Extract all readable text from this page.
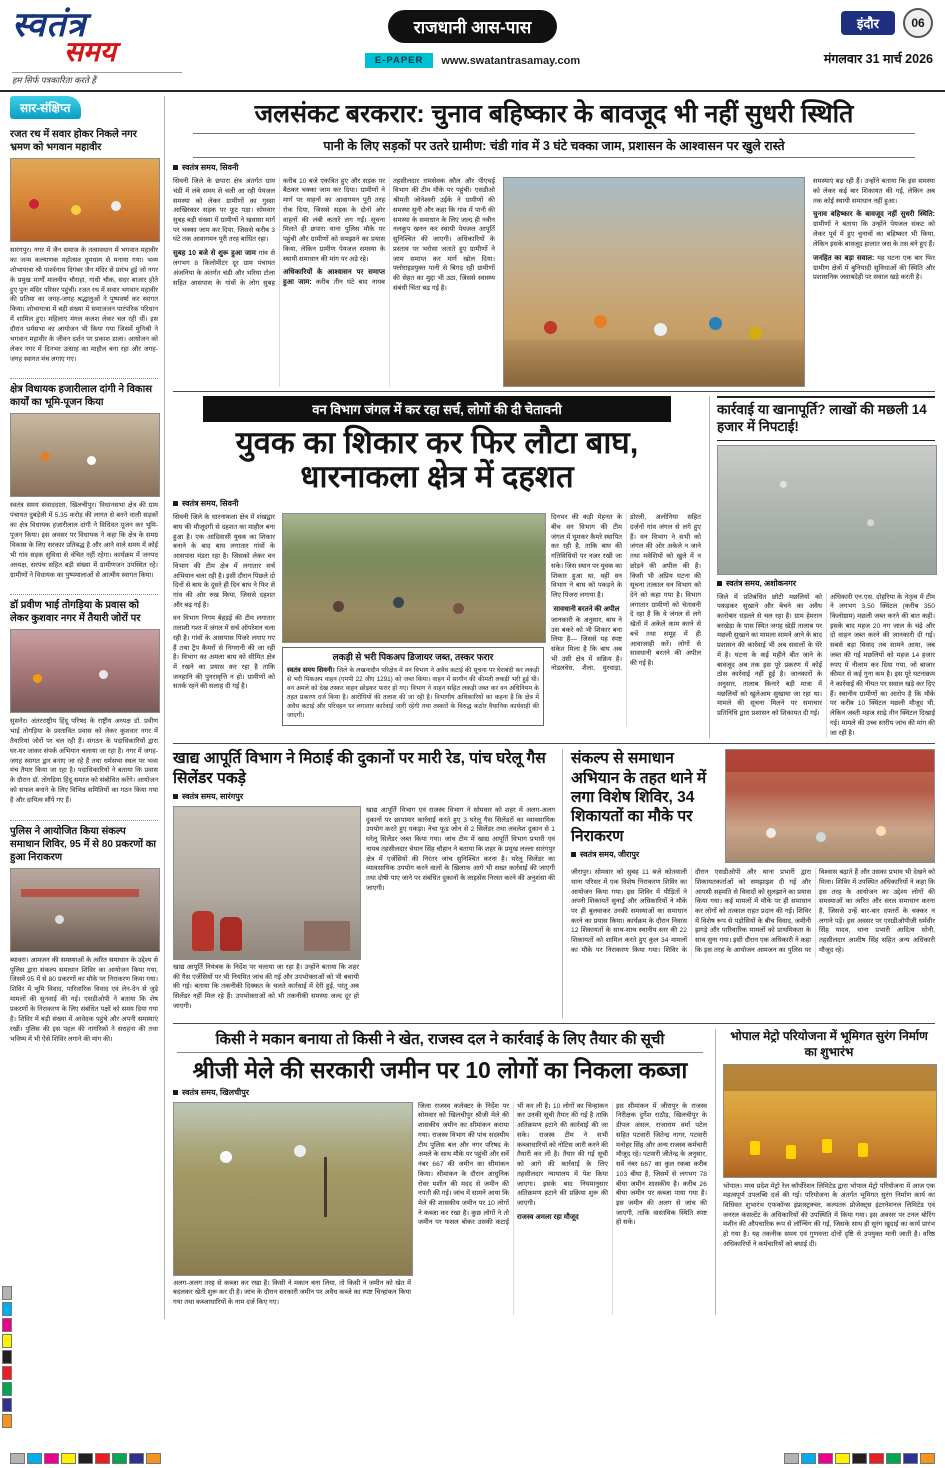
स्वतंत्र
समय
हम सिर्फ पत्रकारिता करते हैं
राजधानी आस-पास
E-PAPER	www.swatantrasamay.com
इंदौर	06
मंगलवार 31 मार्च 2026
सार-संक्षिप्त

रजत रथ में सवार होकर निकले नगर भ्रमण को भगवान महावीर

सारंगपुर। नगर में जैन समाज के तत्वावधान में भगवान महावीर का जन्म कल्याणक महोत्सव धूमधाम से मनाया गया। भव्य शोभायात्रा श्री पार्श्वनाथ दिगंबर जैन मंदिर से प्रारंभ हुई जो नगर के प्रमुख मार्गों मालवीय चौराहा, गांधी चौक, सदर बाजार होते हुए पुनः मंदिर परिसर पहुंची। रजत रथ में सवार भगवान महावीर की प्रतिमा का जगह-जगह श्रद्धालुओं ने पुष्पवर्षा कर स्वागत किया। शोभायात्रा में बड़ी संख्या में समाजजन पारंपरिक परिधान में शामिल हुए। महिलाएं मंगल कलश लेकर चल रही थीं। इस दौरान धर्मसभा का आयोजन भी किया गया जिसमें मुनिश्री ने भगवान महावीर के जीवन दर्शन पर प्रकाश डाला। आयोजन को लेकर नगर में दिनभर उत्साह का माहौल बना रहा और जगह-जगह स्वागत मंच लगाए गए।

क्षेत्र विधायक हजारीलाल दांगी ने विकास कार्यों का भूमि-पूजन किया

स्वतंत्र समय संवाददाता, खिलचीपुर। विधानसभा क्षेत्र की ग्राम पंचायत दुबड़ेली में 5.35 करोड़ की लागत से बनने वाली सड़कों का क्षेत्र विधायक हजारीलाल दांगी ने विधिवत पूजन कर भूमि-पूजन किया। इस अवसर पर विधायक ने कहा कि क्षेत्र के समग्र विकास के लिए सरकार प्रतिबद्ध है और आने वाले समय में कोई भी गांव सड़क सुविधा से वंचित नहीं रहेगा। कार्यक्रम में जनपद अध्यक्ष, सरपंच सहित बड़ी संख्या में ग्रामीणजन उपस्थित रहे। ग्रामीणों ने विधायक का पुष्पमालाओं से आत्मीय स्वागत किया।

डॉ प्रवीण भाई तोगड़िया के प्रवास को लेकर कुशवार नगर में तैयारी जोरों पर

सुसनेर। अंतरराष्ट्रीय हिंदू परिषद के राष्ट्रीय अध्यक्ष डॉ. प्रवीण भाई तोगड़िया के प्रस्तावित प्रवास को लेकर कुशवार नगर में तैयारियां जोरों पर चल रही हैं। संगठन के पदाधिकारियों द्वारा घर-घर जाकर संपर्क अभियान चलाया जा रहा है। नगर में जगह-जगह स्वागत द्वार बनाए जा रहे हैं तथा धर्मसभा स्थल पर भव्य मंच तैयार किया जा रहा है। पदाधिकारियों ने बताया कि प्रवास के दौरान डॉ. तोगड़िया हिंदू समाज को संबोधित करेंगे। आयोजन को सफल बनाने के लिए विभिन्न समितियों का गठन किया गया है और दायित्व सौंपे गए हैं।

पुलिस ने आयोजित किया संकल्प समाधान शिविर, 95 में से 80 प्रकरणों का हुआ निराकरण

ब्यावरा। आमजन की समस्याओं के त्वरित समाधान के उद्देश्य से पुलिस द्वारा संकल्प समाधान शिविर का आयोजन किया गया, जिसमें 95 में से 80 प्रकरणों का मौके पर निराकरण किया गया। शिविर में भूमि विवाद, पारिवारिक विवाद एवं लेन-देन से जुड़े मामलों की सुनवाई की गई। एसडीओपी ने बताया कि शेष प्रकरणों के निराकरण के लिए संबंधित पक्षों को समय दिया गया है। शिविर में बड़ी संख्या में आवेदक पहुंचे और अपनी समस्याएं रखीं। पुलिस की इस पहल की नागरिकों ने सराहना की तथा भविष्य में भी ऐसे शिविर लगाने की मांग की।

जलसंकट बरकरार: चुनाव बहिष्कार के बावजूद भी नहीं सुधरी स्थिति
पानी के लिए सड़कों पर उतरे ग्रामीण: चंडी गांव में 3 घंटे चक्का जाम, प्रशासन के आश्वासन पर खुले रास्ते
स्वतंत्र समय, सिवनी

सिवनी जिले के छपारा क्षेत्र अंतर्गत ग्राम चंडी में लंबे समय से चली आ रही पेयजल समस्या को लेकर ग्रामीणों का गुस्सा आखिरकार सड़क पर फूट पड़ा। सोमवार सुबह बड़ी संख्या में ग्रामीणों ने खवासा मार्ग पर चक्का जाम कर दिया, जिससे करीब 3 घंटे तक आवागमन पूरी तरह बाधित रहा।

सुबह 10 बजे से शुरू हुआ जाम गांव से लगभग 8 किलोमीटर दूर ग्राम पंचायत अंजनिया के अंतर्गत चंडी और भरिया टोला सहित आसपास के गांवों के लोग सुबह करीब 10 बजे एकत्रित हुए और सड़क पर बैठकर चक्का जाम कर दिया। ग्रामीणों ने मार्ग पर वाहनों का आवागमन पूरी तरह रोक दिया, जिससे सड़क के दोनों ओर वाहनों की लंबी कतारें लग गईं। सूचना मिलते ही छपारा थाना पुलिस मौके पर पहुंची और ग्रामीणों को समझाने का प्रयास किया, लेकिन ग्रामीण पेयजल समस्या के स्थायी समाधान की मांग पर अड़े रहे।

अधिकारियों के आश्वासन पर समाप्त हुआ जाम: करीब तीन घंटे बाद नायब तहसीलदार रामसेवक कौल और पीएचई विभाग की टीम मौके पर पहुंची। एसडीओ श्रीमती जोनेश्वरी उईके ने ग्रामीणों की समस्या सुनी और कहा कि गांव में पानी की समस्या के समाधान के लिए जल्द ही नवीन नलकूप खनन कर स्थायी पेयजल आपूर्ति सुनिश्चित की जाएगी। अधिकारियों के प्रस्ताव पर भरोसा जताते हुए ग्रामीणों ने जाम समाप्त कर मार्ग खोल दिया। फ्लोराइडयुक्त पानी से बिगड़ रही ग्रामीणों की सेहत का मुद्दा भी उठा, जिससे स्वास्थ्य संबंधी चिंता बढ़ गई है।

समस्याएं बढ़ रही हैं। उन्होंने बताया कि इस समस्या को लेकर कई बार शिकायत की गई, लेकिन अब तक कोई स्थायी समाधान नहीं हुआ।

चुनाव बहिष्कार के बावजूद नहीं सुधरी स्थिति: ग्रामीणों ने बताया कि उन्होंने पेयजल संकट को लेकर पूर्व में हुए चुनावों का बहिष्कार भी किया, लेकिन इसके बावजूद हालात जस के तस बने हुए हैं।

जनहित का बड़ा सवाल: यह घटना एक बार फिर ग्रामीण क्षेत्रों में बुनियादी सुविधाओं की स्थिति और प्रशासनिक जवाबदेही पर सवाल खड़े करती है।

वन विभाग जंगल में कर रहा सर्च, लोगों की दी चेतावनी
युवक का शिकार कर फिर लौटा बाघ, धारनाकला क्षेत्र में दहशत
स्वतंत्र समय, सिवनी

सिवनी जिले के धारनाकला क्षेत्र में शंखद्वार बाघ की मौजूदगी से दहशत का माहौल बना हुआ है। एक आदिवासी युवक का शिकार बनाने के बाद बाघ लगातार गांवों के आसपास मंडरा रहा है। जिसको लेकर वन विभाग की टीम क्षेत्र में लगातार सर्च अभियान चला रही है। इसी दौरान पिछले दो दिनों से बाघ के दूसरे ही दिन बाघ ने फिर से गांव की ओर रुख किया, जिससे दहशत और बढ़ गई है।

वन विभाग निगम बेहड़ई की टीम लगातार तलाशी गश्त में जंगल में सर्च ऑपरेशन चला रही है। गांवों के आसपास पिंजरे लगाए गए हैं तथा ट्रैप कैमरों से निगरानी की जा रही है। विभाग का अमला बाघ को सीमित क्षेत्र में रखने का प्रयास कर रहा है ताकि जनहानि की पुनरावृत्ति न हो। ग्रामीणों को सतर्क रहने की सलाह दी गई है।

लकड़ी से भरी पिकअप डिजायर जब्त, तस्कर फरार
स्वतंत्र समय सिवनी। जिले के लखनादौन परिक्षेत्र में वन विभाग ने अवैध कटाई की सूचना पर घेराबंदी कर लकड़ी से भरी पिकअप वाहन (एमपी 22 जीए 1291) को जब्त किया। वाहन में सागौन की कीमती लकड़ी भरी हुई थी। वन अमले को देख तस्कर वाहन छोड़कर फरार हो गए। विभाग ने वाहन सहित लकड़ी जब्त कर वन अधिनियम के तहत प्रकरण दर्ज किया है। आरोपियों की तलाश की जा रही है। विभागीय अधिकारियों का कहना है कि क्षेत्र में अवैध कटाई और परिवहन पर लगातार कार्रवाई जारी रहेगी तथा तस्करों के विरुद्ध कठोर वैधानिक कार्यवाही की जाएगी।

दिनभर की कड़ी मेहनत के बीच वन विभाग की टीम जंगल में घूमकर कैमरे स्थापित कर रही है, ताकि बाघ की गतिविधियों पर नजर रखी जा सके। जिस स्थान पर युवक का शिकार हुआ था, वहीं वन विभाग ने बाघ को पकड़ने के लिए पिंजरा लगाया है।

सावधानी बरतने की अपील
जानकारी के अनुसार, बाघ ने उस बकरे को भी शिकार बना लिया है— जिससे यह स्पष्ट संकेत मिला है कि बाघ अब भी उसी क्षेत्र में सक्रिय है। नोडलवेध, शैला, घुरवाड़ा, डोरली, अलोनिया सहित दर्जनों गांव जंगल से लगे हुए हैं। वन विभाग ने सभी को जंगल की ओर अकेले न जाने तथा मवेशियों को खुले में न छोड़ने की अपील की है। किसी भी अप्रिय घटना की सूचना तत्काल वन विभाग को देने को कहा गया है। विभाग लगातार ग्रामीणों को चेतावनी दे रहा है कि वे जंगल से लगे खेतों में अकेले काम करने से बचें तथा समूह में ही आवाजाही करें। लोगों से सावधानी बरतने की अपील की गई है।

कार्रवाई या खानापूर्ति? लाखों की मछली 14 हजार में निपटाई!
स्वतंत्र समय, अशोकनगर

जिले में प्रतिबंधित छोटी मछलियों को पकड़कर सुखाने और बेचने का अवैध कारोबार धड़ल्ले से चल रहा है। ग्राम हेमरान बरखेड़ा के पास स्थित जगह खेड़ी तालाब पर मछली सुखाने का मामला सामने आने के बाद प्रशासन की कार्रवाई भी अब सवालों के घेरे में है। घटना के कई महीने बीत जाने के बावजूद अब तक इस पूरे प्रकरण में कोई ठोस कार्रवाई नहीं हुई है। जानकारों के अनुसार, तालाब किनारे बड़ी मात्रा में मछलियों को खुलेआम सुखाया जा रहा था। मामले की सूचना मिलने पर समाचार प्रतिनिधि द्वारा प्रशासन को शिकायत दी गई।

अधिकारी एन.एस. दोहरिया के नेतृत्व में टीम ने लगभग 3.50 क्विंटल (करीब 350 किलोग्राम) मछली जब्त करने की बात कही। इसके बाद महज 20 नग जाल के चंद्रे और दो वाहन जब्त करने की जानकारी दी गई। सबसे बड़ा विवाद तब सामने आया, जब जब्त की गई मछलियों को महज 14 हजार रुपए में नीलाम कर दिया गया, जो बाजार कीमत से कई गुना कम है। इस पूरे घटनाक्रम ने कार्रवाई की नीयत पर सवाल खड़े कर दिए हैं। स्थानीय ग्रामीणों का आरोप है कि मौके पर करीब 10 क्विंटल मछली मौजूद थी, लेकिन जब्ती महज साढ़े तीन क्विंटल दिखाई गई। मामले की उच्च स्तरीय जांच की मांग की जा रही है।

खाद्य आपूर्ति विभाग ने मिठाई की दुकानों पर मारी रेड, पांच घरेलू गैस सिलेंडर पकड़े
स्वतंत्र समय, सारंगपुर

खाद्य आपूर्ति नियंत्रक के निर्देश पर चलाया जा रहा है। उन्होंने बताया कि शहर की गैस एजेंसियों पर भी नियमित जांच की गई और उपभोक्ताओं को भी बचायी की गई। बताया कि तकनीकी दिक्कत के चलते कार्रवाई में देरी हुई, परंतु अब सिलेंडर नहीं मिल रहे हैं। उपभोक्ताओं को भी तकनीकी समस्या जल्द दूर हो जाएगी।

खाद्य आपूर्ति विभाग एवं राजस्व विभाग ने सोमवार को शहर में अलग-अलग दुकानों पर छापामार कार्रवाई करते हुए 3 घरेलू गैस सिलेंडरों का व्यावसायिक उपयोग करते हुए पकड़ा। नेचा फूड जोन से 2 सिलेंडर तथा लवलेश दुकान से 1 घरेलू सिलेंडर जब्त किया गया। जांच टीम में खाद्य आपूर्ति विभाग प्रभारी एवं नायब तहसीलदार चेयान सिंह चौहान ने बताया कि शहर के प्रमुख लल्ला सारंगपुर क्षेत्र में एजेंसियों की निरंतर जांच सुनिश्चित करना है। घरेलू सिलेंडर का व्यावसायिक उपयोग करने वालों के खिलाफ आगे भी सख्त कार्रवाई की जाएगी तथा दोषी पाए जाने पर संबंधित दुकानों के लाइसेंस निरस्त करने की अनुशंसा की जाएगी।

संकल्प से समाधान अभियान के तहत थाने में लगा विशेष शिविर, 34 शिकायतों का मौके पर निराकरण
स्वतंत्र समय, जीरापुर

जीरापुर। सोमवार को सुबह 11 बजे कोतवाली थाना परिसर में एक विशेष निराकरण शिविर का आयोजन किया गया। इस शिविर में पीड़ितों ने अपनी शिकायतें सुनाईं और अधिकारियों ने मौके पर ही बुलवाकर उनकी समस्याओं का समाधान करने का प्रयास किया। कार्यक्रम के दौरान निवास 12 शिकायतों के साथ-साथ स्थानीय स्तर की 22 शिकायतों को शामिल करते हुए कुल 34 मामलों का मौके पर निराकरण किया गया। शिविर के दौरान एसडीओपी और थाना प्रभारी द्वारा शिकायतकर्ताओं को समझाइश दी गई और आपसी सहमति से विवादों को सुलझाने का प्रयास किया गया। कई मामलों में मौके पर ही समाधान कर लोगों को तत्काल राहत प्रदान की गई। शिविर में विशेष रूप से पड़ोसियों के बीच विवाद, जमीनी झगड़े और पारिवारिक मामलों को प्राथमिकता के साथ सुना गया। इसी दौरान एक अधिकारी ने कहा कि इस तरह के आयोजन आमजन का पुलिस पर विश्वास बढ़ाते हैं और उसका प्रभाव भी देखने को मिला। शिविर में उपस्थित अधिकारियों ने कहा कि इस तरह के आयोजन का उद्देश्य लोगों की समस्याओं का त्वरित और सरल समाधान करना है, जिससे उन्हें बार-बार दफ्तरों के चक्कर न लगाने पड़ें। इस अवसर पर एसडीओपीजी धर्मवीर सिंह यादव, थाना प्रभारी आदित्य सोनी, तहसीलदार आशीष सिंह सहित अन्य अधिकारी मौजूद रहे।

किसी ने मकान बनाया तो किसी ने खेत, राजस्व दल ने कार्रवाई के लिए तैयार की सूची
श्रीजी मेले की सरकारी जमीन पर 10 लोगों का निकला कब्जा
स्वतंत्र समय, खिलचीपुर

अलग-अलग तरह से कब्जा कर रखा है। किसी ने मकान बना लिया, तो किसी ने जमीन को खेत में बदलकर खेती शुरू कर दी है। जांच के दौरान सरकारी जमीन पर अवैध कब्जे का स्पष्ट चिन्हांकन किया गया तथा कब्जाधारियों के नाम दर्ज किए गए।

जिला राजस्व कलेक्टर के निर्देश पर सोमवार को खिलचीपुर श्रीजी मेले की शासकीय जमीन का सीमांकन कराया गया। राजस्व विभाग की पांच सदस्यीय टीम पुलिस बल और नगर परिषद के अमले के साथ मौके पर पहुंची और सर्वे नंबर 667 की जमीन का सीमांकन किया। सीमांकन के दौरान आधुनिक रोवर मशीन की मदद से जमीन की नपती की गई। जांच में सामने आया कि मेले की शासकीय जमीन पर 10 लोगों ने कब्जा कर रखा है। कुछ लोगों ने तो जमीन पर फसल बोकर उसकी कटाई भी कर ली है। 10 लोगों का चिन्हांकन कर उनकी सूची तैयार की गई है ताकि अतिक्रमण हटाने की कार्रवाई की जा सके। राजस्व टीम ने सभी कब्जाधारियों को नोटिस जारी करने की तैयारी कर ली है। तैयार की गई सूची को आगे की कार्रवाई के लिए तहसीलदार न्यायालय में पेश किया जाएगा। इसके बाद नियमानुसार अतिक्रमण हटाने की प्रक्रिया शुरू की जाएगी।

राजस्व अमला रहा मौजूद
इस सीमांकन में जीरापुर के राजस्व निरीक्षक दुर्गेश राठौड़, खिलचीपुर के डीपल अंसल, राजाराम वर्मा पटेल सहित पटवारी जितेन्द्र नागर, पटवारी मनोहर सिंह और अन्य राजस्व कर्मचारी मौजूद रहे। पटवारी जीतेन्द्र के अनुसार, सर्वे नंबर 667 का कुल रकबा करीब 103 बीघा है, जिसमें से लगभग 78 बीघा जमीन शासकीय है। करीब 26 बीघा जमीन पर कब्जा पाया गया है। इस जमीन की अलग से जांच की जाएगी, ताकि वास्तविक स्थिति स्पष्ट हो सके।

भोपाल मेट्रो परियोजना में भूमिगत सुरंग निर्माण का शुभारंभ

भोपाल। मध्य प्रदेश मेट्रो रेल कॉर्पोरेशन लिमिटेड द्वारा भोपाल मेट्रो परियोजना में आज एक महत्वपूर्ण उपलब्धि दर्ज की गई। परियोजना के अंतर्गत भूमिगत सुरंग निर्माण कार्य का विधिवत शुभारंभ एफकॉन्स इंफ्रास्ट्रक्चर, कल्पतरु प्रोजेक्ट्स इंटरनेशनल लिमिटेड एवं जनरल कंसल्टेंट के अधिकारियों की उपस्थिति में किया गया। इस अवसर पर टनल बोरिंग मशीन की औपचारिक रूप से लॉन्चिंग की गई, जिसके साथ ही सुरंग खुदाई का कार्य प्रारंभ हो गया है। यह तकनीक समय एवं गुणवत्ता दोनों दृष्टि से उपयुक्त मानी जाती है। वरिष्ठ अधिकारियों ने कर्मचारियों को बधाई दी।
